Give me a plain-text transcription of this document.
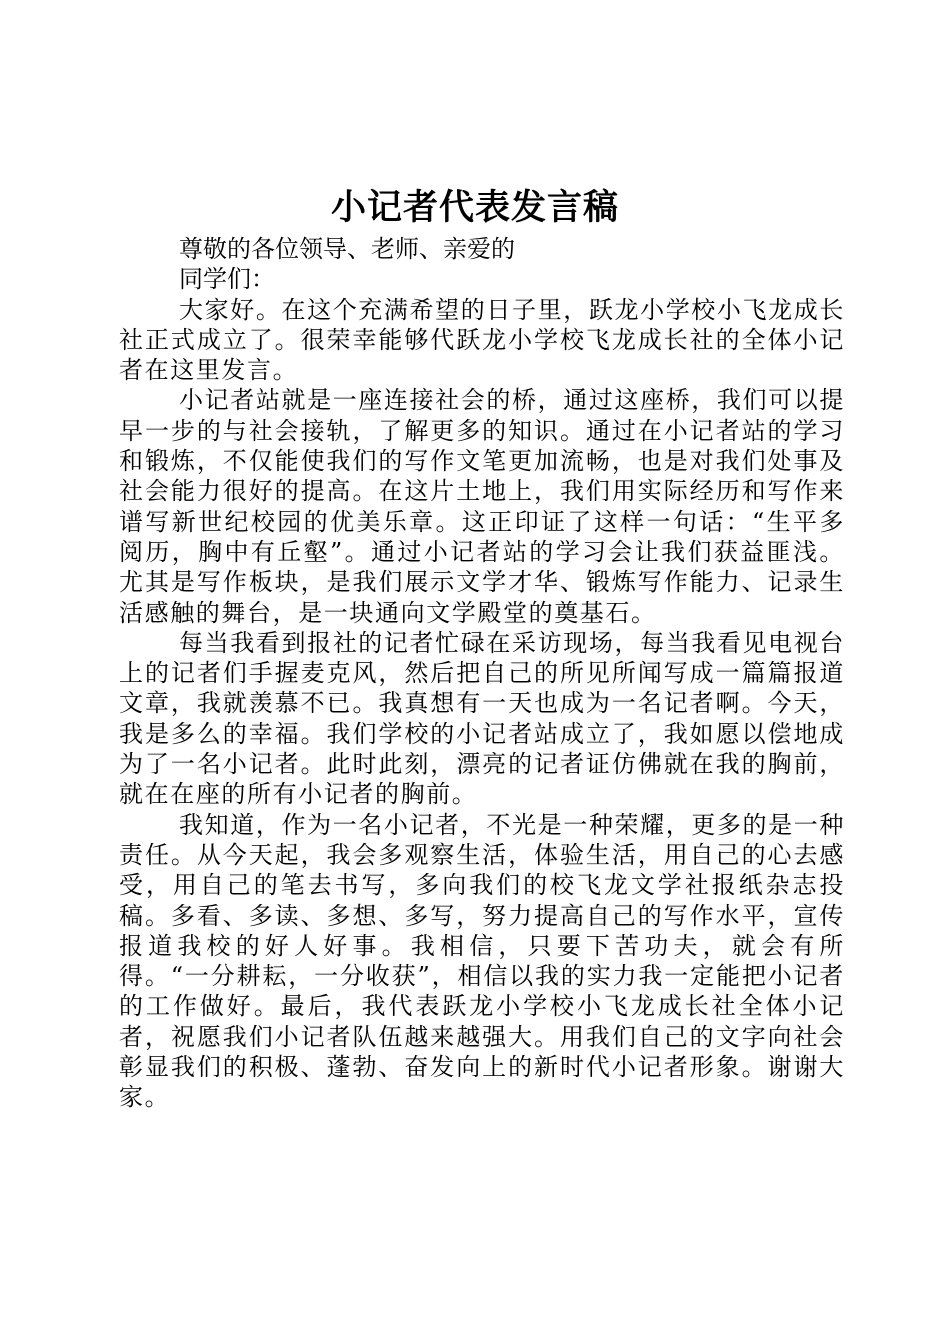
小记者代表发言稿

尊敬的各位领导、老师、亲爱的

同学们：

大家好。在这个充满希望的日子里，跃龙小学校小飞龙成长社正式成立了。很荣幸能够代跃龙小学校飞龙成长社的全体小记者在这里发言。

小记者站就是一座连接社会的桥，通过这座桥，我们可以提早一步的与社会接轨，了解更多的知识。通过在小记者站的学习和锻炼，不仅能使我们的写作文笔更加流畅，也是对我们处事及社会能力很好的提高。在这片土地上，我们用实际经历和写作来谱写新世纪校园的优美乐章。这正印证了这样一句话：“生平多阅历，胸中有丘壑”。通过小记者站的学习会让我们获益匪浅。尤其是写作板块，是我们展示文学才华、锻炼写作能力、记录生活感触的舞台，是一块通向文学殿堂的奠基石。

每当我看到报社的记者忙碌在采访现场，每当我看见电视台上的记者们手握麦克风，然后把自己的所见所闻写成一篇篇报道文章，我就羡慕不已。我真想有一天也成为一名记者啊。今天，我是多么的幸福。我们学校的小记者站成立了，我如愿以偿地成为了一名小记者。此时此刻，漂亮的记者证仿佛就在我的胸前，就在在座的所有小记者的胸前。

我知道，作为一名小记者，不光是一种荣耀，更多的是一种责任。从今天起，我会多观察生活，体验生活，用自己的心去感受，用自己的笔去书写，多向我们的校飞龙文学社报纸杂志投稿。多看、多读、多想、多写，努力提高自己的写作水平，宣传报道我校的好人好事。我相信，只要下苦功夫，就会有所得。“一分耕耘，一分收获”，相信以我的实力我一定能把小记者的工作做好。最后，我代表跃龙小学校小飞龙成长社全体小记者，祝愿我们小记者队伍越来越强大。用我们自己的文字向社会彰显我们的积极、蓬勃、奋发向上的新时代小记者形象。谢谢大家。
